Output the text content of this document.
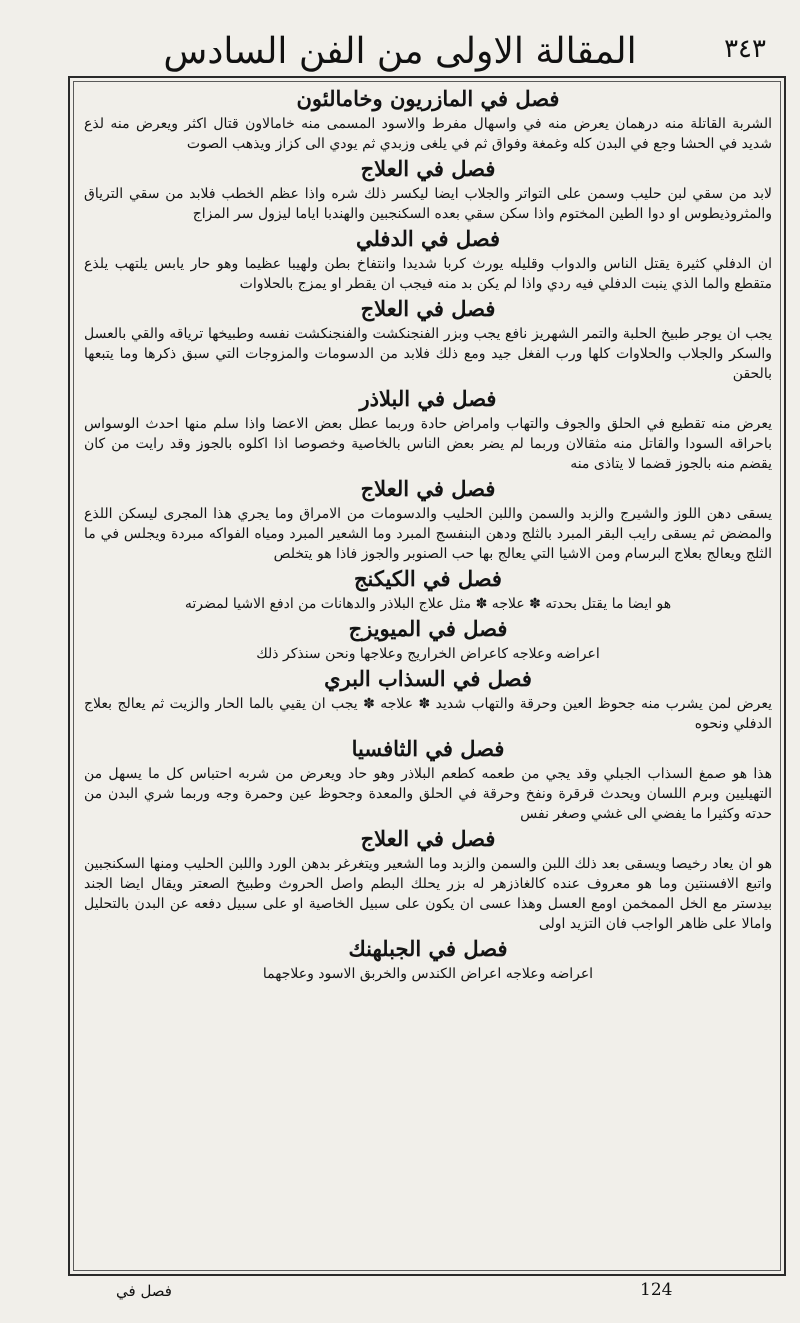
المقالة الاولى من الفن السادس	٣٤٣
فصل في المازريون وخامالئون

الشربة القاتلة منه درهمان يعرض منه في واسهال مفرط والاسود المسمى منه خامالاون قتال اكثر ويعرض منه لذع شديد في الحشا وجع في البدن كله وغمغة وفواق ثم في يلغى وزبدي ثم يودي الى كزاز ويذهب الصوت

فصل في العلاج

لابد من سقي لبن حليب وسمن على التواتر والجلاب ايضا ليكسر ذلك شره واذا عظم الخطب فلابد من سقي الترياق والمثروذيطوس او دوا الطين المختوم واذا سكن سقي بعده السكنجبين والهندبا اياما ليزول سر المزاج

فصل في الدفلي

ان الدفلي كثيرة يقتل الناس والدواب وقليله يورث كربا شديدا وانتفاخ بطن ولهيبا عظيما وهو حار يابس يلتهب يلذع متقطع والما الذي ينبت الدفلي فيه ردي واذا لم يكن بد منه فيجب ان يقطر او يمزج بالحلاوات

فصل في العلاج

يجب ان يوجر طبيخ الحلبة والتمر الشهريز نافع يجب وبزر الفنجنكشت والفنجنكشت نفسه وطبيخها ترياقه والقي بالعسل والسكر والجلاب والحلاوات كلها ورب الفغل جيد ومع ذلك فلابد من الدسومات والمزوجات التي سبق ذكرها وما يتبعها بالحقن

فصل في البلاذر

يعرض منه تقطيع في الحلق والجوف والتهاب وامراض حادة وربما عطل بعض الاعضا واذا سلم منها احدث الوسواس باحراقه السودا والقاتل منه مثقالان وربما لم يضر بعض الناس بالخاصية وخصوصا اذا اكلوه بالجوز وقد رايت من كان يقضم منه بالجوز قضما لا يتاذى منه

فصل في العلاج

يسقى دهن اللوز والشيرج والزبد والسمن واللبن الحليب والدسومات من الامراق وما يجري هذا المجرى ليسكن اللذع والمضض ثم يسقى رايب البقر المبرد بالثلج ودهن البنفسج المبرد وما الشعير المبرد ومياه الفواكه مبردة ويجلس في ما الثلج ويعالج بعلاج البرسام ومن الاشيا التي يعالج بها حب الصنوبر والجوز فاذا هو يتخلص

فصل في الكيكنج

هو ايضا ما يقتل بحدته ✽ علاجه ✽ مثل علاج البلاذر والدهانات من ادفع الاشيا لمضرته

فصل في الميويزج

اعراضه وعلاجه كاعراض الخراريج وعلاجها ونحن سنذكر ذلك

فصل في السذاب البري

يعرض لمن يشرب منه جحوظ العين وحرقة والتهاب شديد ✽ علاجه ✽ يجب ان يقيي بالما الحار والزيت ثم يعالج بعلاج الدفلي ونحوه

فصل في الثافسيا

هذا هو صمغ السذاب الجبلي وقد يجي من طعمه كطعم البلاذر وهو حاد ويعرض من شربه احتباس كل ما يسهل من التهيليين وبرم اللسان ويحدث قرقرة ونفخ وحرقة في الحلق والمعدة وجحوظ عين وحمرة وجه وربما شري البدن من حدته وكثيرا ما يفضي الى غشي وصغر نفس

فصل في العلاج

هو ان يعاد رخيصا ويسقى بعد ذلك اللبن والسمن والزبد وما الشعير ويتغرغر بدهن الورد واللبن الحليب ومنها السكنجبين واتبع الافسنتين وما هو معروف عنده كالغاذزهر له بزر يحلك البطم واصل الحروث وطبيخ الصعتر ويقال ايضا الجند بيدستر مع الخل الممخمن اومع العسل وهذا عسى ان يكون على سبيل الخاصية او على سبيل دفعه عن البدن بالتحليل وامالا على ظاهر الواجب فان التزيد اولى

فصل في الجبلهنك

اعراضه وعلاجه اعراض الكندس والخربق الاسود وعلاجهما

فصل في	124
